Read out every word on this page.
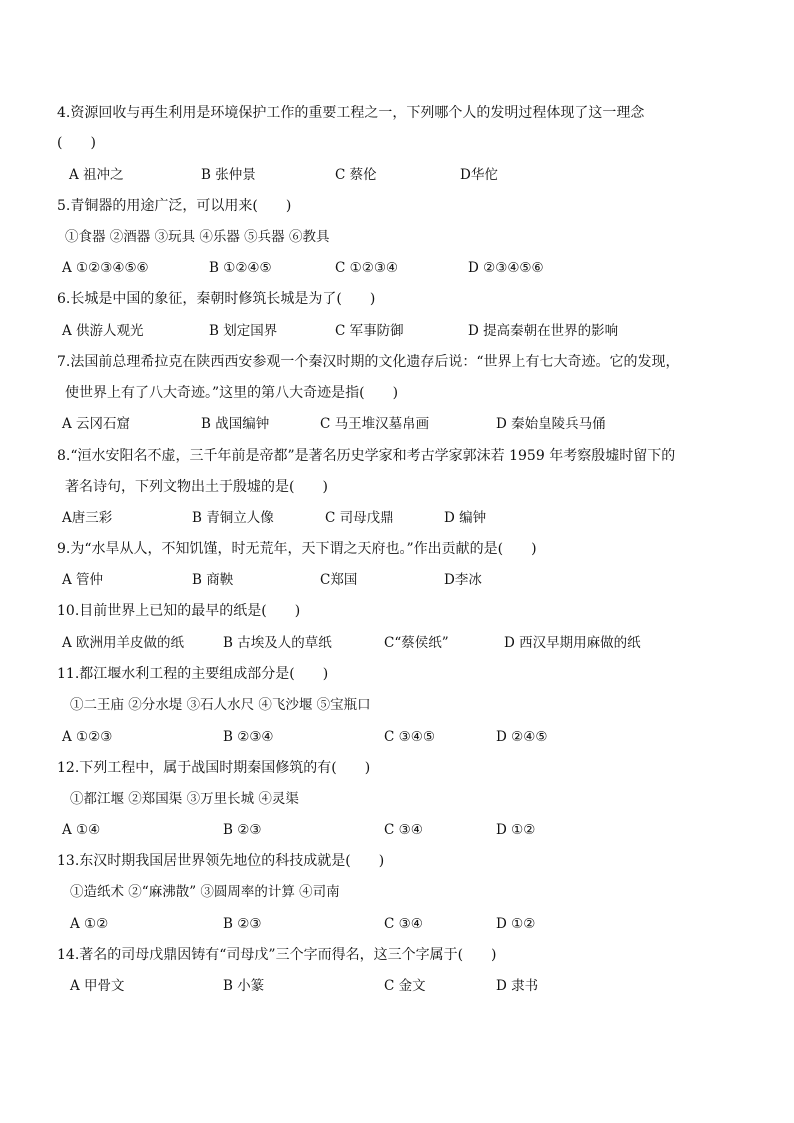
4.资源回收与再生利用是环境保护工作的重要工程之一，下列哪个人的发明过程体现了这一理念
(　　)
A 祖冲之	B 张仲景	C 蔡伦	D华佗
5.青铜器的用途广泛，可以用来(　　)
①食器 ②酒器 ③玩具 ④乐器 ⑤兵器 ⑥教具
A ①②③④⑤⑥	B ①②④⑤	C ①②③④	D ②③④⑤⑥
6.长城是中国的象征，秦朝时修筑长城是为了(　　)
A 供游人观光	B 划定国界	C 军事防御	D 提高秦朝在世界的影响
7.法国前总理希拉克在陕西西安参观一个秦汉时期的文化遗存后说：“世界上有七大奇迹。它的发现，
使世界上有了八大奇迹。”这里的第八大奇迹是指(　　)
A 云冈石窟	B 战国编钟	C 马王堆汉墓帛画	D 秦始皇陵兵马俑
8.“洹水安阳名不虚，三千年前是帝都”是著名历史学家和考古学家郭沫若 1959 年考察殷墟时留下的
著名诗句，下列文物出土于殷墟的是(　　)
A唐三彩	B 青铜立人像	C 司母戊鼎	D 编钟
9.为“水旱从人，不知饥馑，时无荒年，天下谓之天府也。”作出贡献的是(　　)
A 管仲	B 商鞅	C郑国	D李冰
10.目前世界上已知的最早的纸是(　　)
A 欧洲用羊皮做的纸	B 古埃及人的草纸	C“蔡侯纸”	D 西汉早期用麻做的纸
11.都江堰水利工程的主要组成部分是(　　)
①二王庙 ②分水堤 ③石人水尺 ④飞沙堰 ⑤宝瓶口
A ①②③	B ②③④	C ③④⑤	D ②④⑤
12.下列工程中，属于战国时期秦国修筑的有(　　)
①都江堰 ②郑国渠 ③万里长城 ④灵渠
A ①④	B ②③	C ③④	D ①②
13.东汉时期我国居世界领先地位的科技成就是(　　)
①造纸术 ②“麻沸散” ③圆周率的计算 ④司南
A ①②	B ②③	C ③④	D ①②
14.著名的司母戊鼎因铸有“司母戊”三个字而得名，这三个字属于(　　)
A 甲骨文	B 小篆	C 金文	D 隶书
